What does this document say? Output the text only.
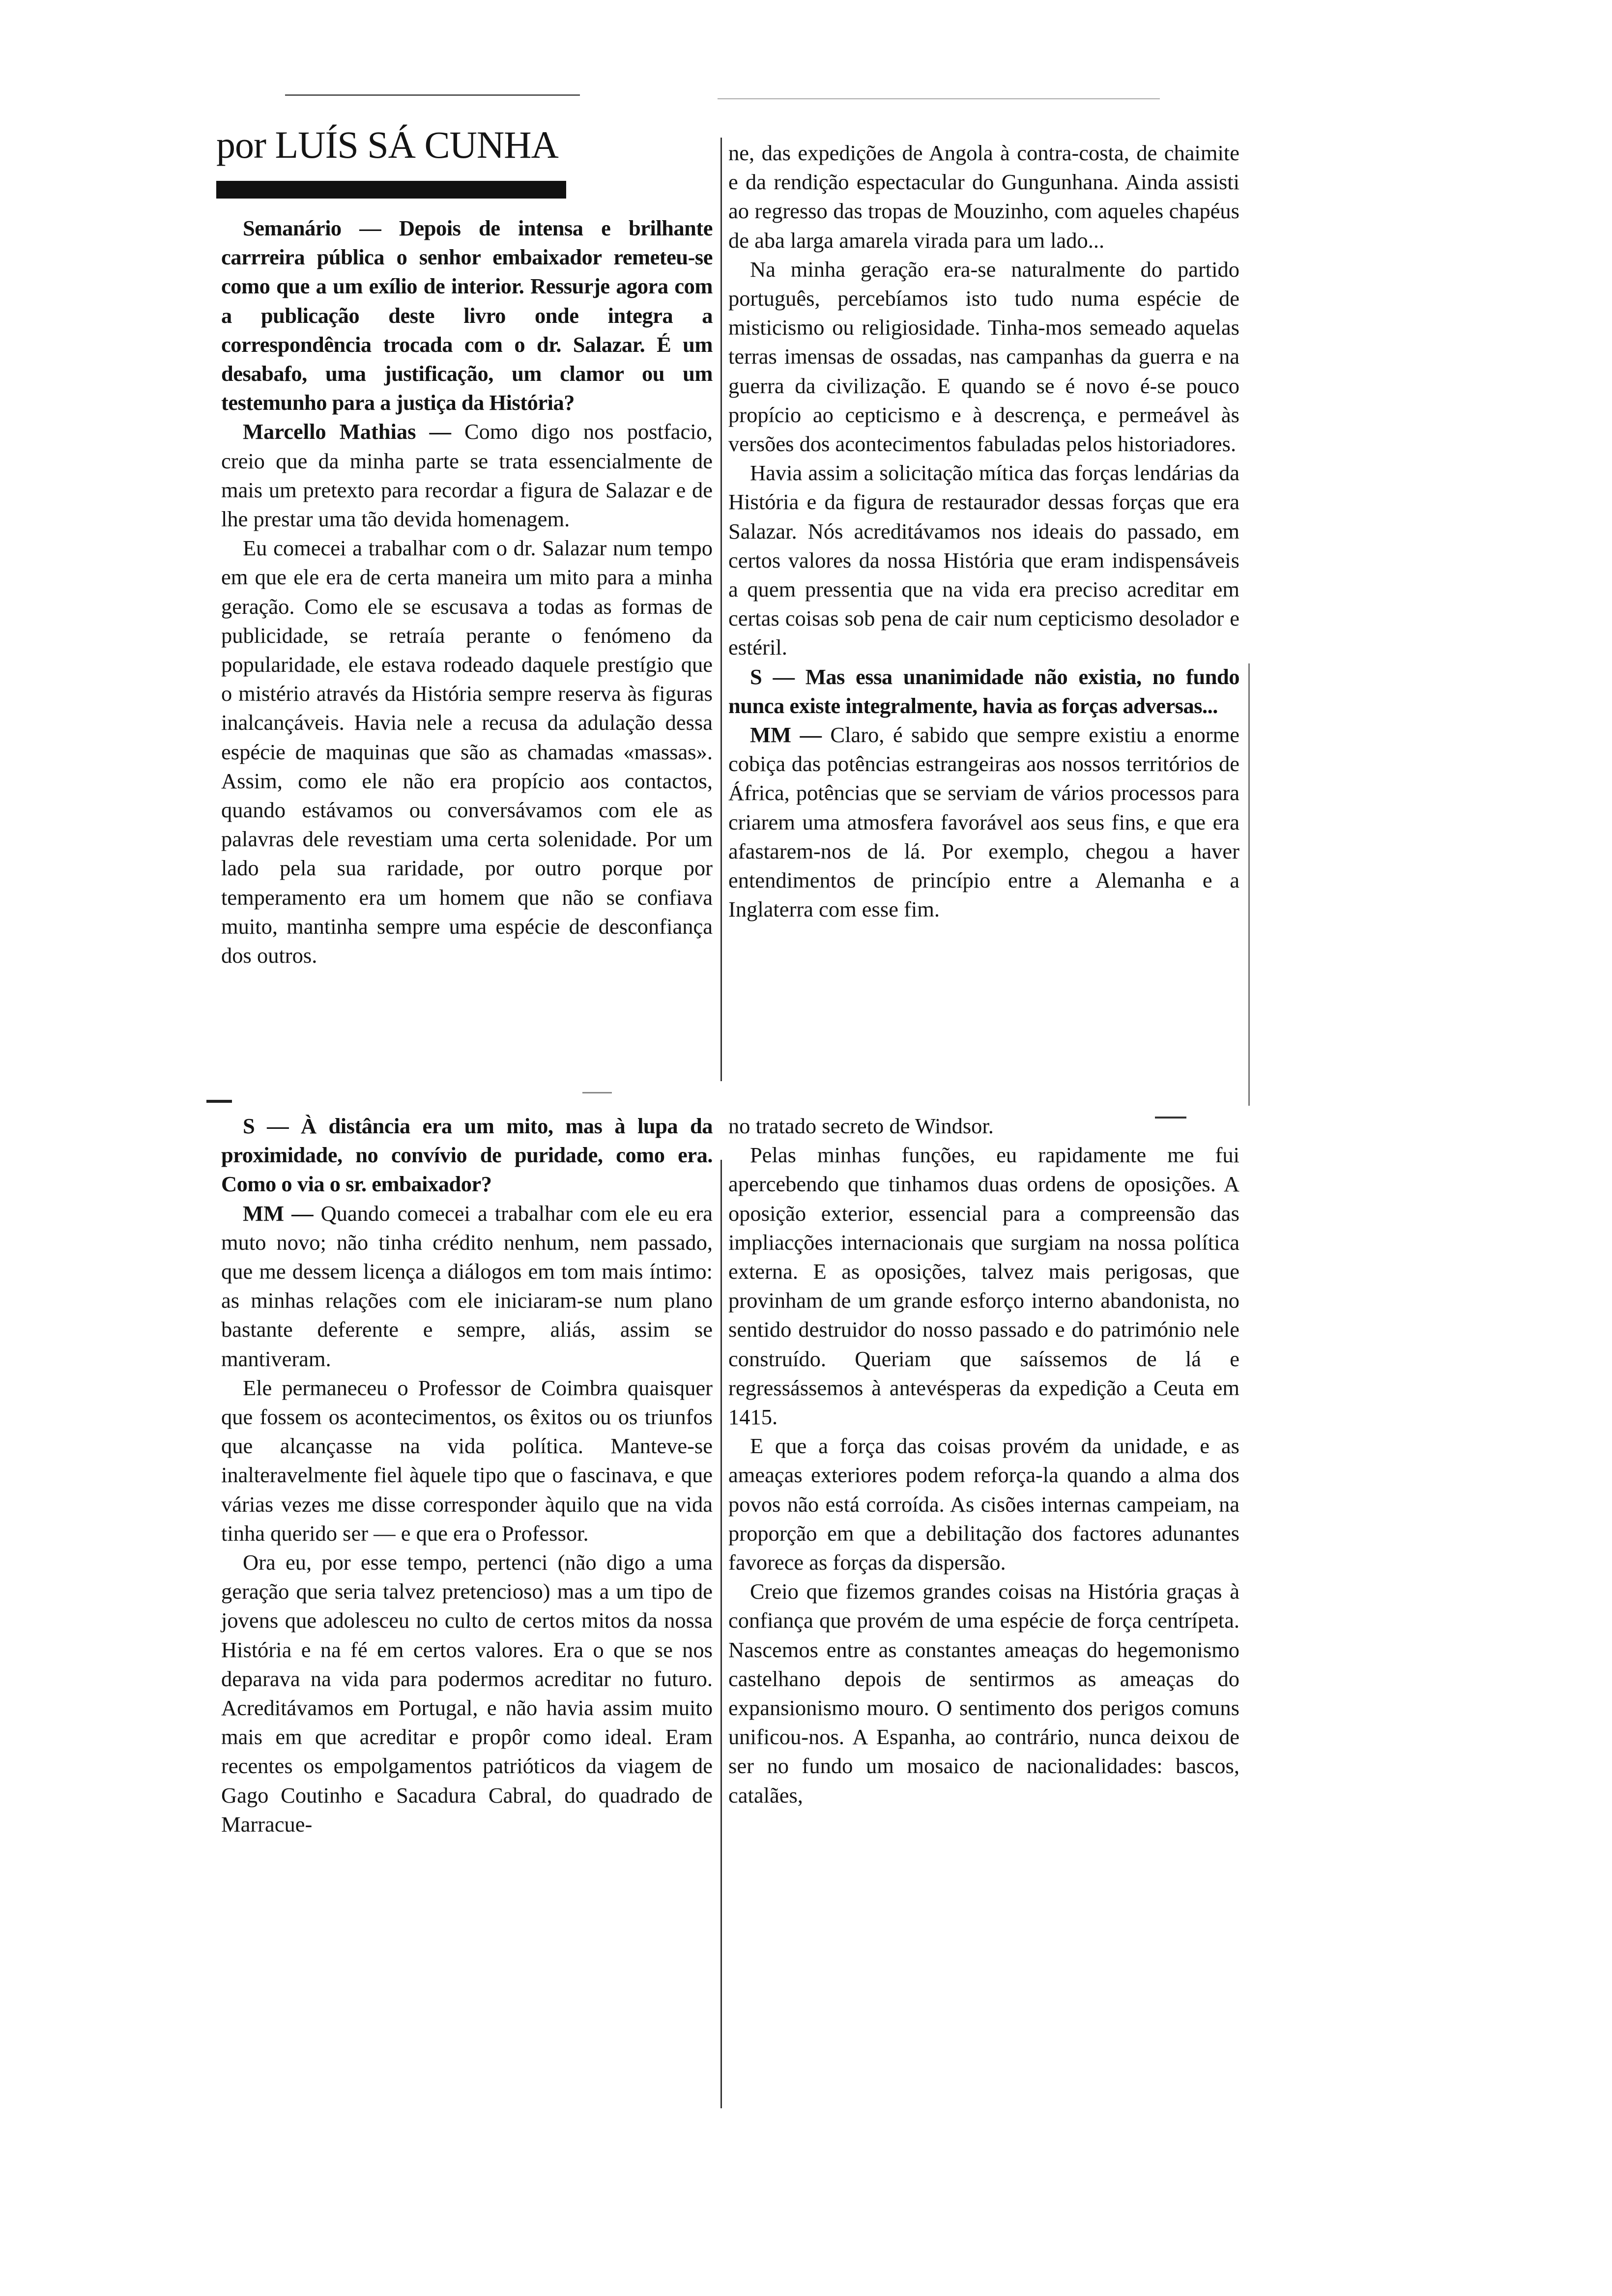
por LUÍS SÁ CUNHA

Semanário — Depois de intensa e brilhante carrreira pública o senhor embaixador remeteu-se como que a um exílio de interior. Ressurje agora com a publicação deste livro onde integra a correspondência trocada com o dr. Salazar. É um desabafo, uma justificação, um clamor ou um testemunho para a justiça da História?

Marcello Mathias — Como digo nos postfacio, creio que da minha parte se trata essencialmente de mais um pretexto para recordar a figura de Salazar e de lhe prestar uma tão devida homenagem.

Eu comecei a trabalhar com o dr. Salazar num tempo em que ele era de certa maneira um mito para a minha geração. Como ele se escusava a todas as formas de publicidade, se retraía perante o fenómeno da popularidade, ele estava rodeado daquele prestígio que o mistério através da História sempre reserva às figuras inalcançáveis. Havia nele a recusa da adulação dessa espécie de maquinas que são as chamadas «massas». Assim, como ele não era propício aos contactos, quando estávamos ou conversávamos com ele as palavras dele revestiam uma certa solenidade. Por um lado pela sua raridade, por outro porque por temperamento era um homem que não se confiava muito, mantinha sempre uma espécie de desconfiança dos outros.

ne, das expedições de Angola à contra-costa, de chaimite e da rendição espectacular do Gungunhana. Ainda assisti ao regresso das tropas de Mouzinho, com aqueles chapéus de aba larga amarela virada para um lado...

Na minha geração era-se naturalmente do partido português, percebíamos isto tudo numa espécie de misticismo ou religiosidade. Tinha-mos semeado aquelas terras imensas de ossadas, nas campanhas da guerra e na guerra da civilização. E quando se é novo é-se pouco propício ao cepticismo e à descrença, e permeável às versões dos acontecimentos fabuladas pelos historiadores.

Havia assim a solicitação mítica das forças lendárias da História e da figura de restaurador dessas forças que era Salazar. Nós acreditávamos nos ideais do passado, em certos valores da nossa História que eram indispensáveis a quem pressentia que na vida era preciso acreditar em certas coisas sob pena de cair num cepticismo desolador e estéril.

S — Mas essa unanimidade não existia, no fundo nunca existe integralmente, havia as forças adversas...

MM — Claro, é sabido que sempre existiu a enorme cobiça das potências estrangeiras aos nossos territórios de África, potências que se serviam de vários processos para criarem uma atmosfera favorável aos seus fins, e que era afastarem-nos de lá. Por exemplo, chegou a haver entendimentos de princípio entre a Alemanha e a Inglaterra com esse fim.

S — À distância era um mito, mas à lupa da proximidade, no convívio de puridade, como era. Como o via o sr. embaixador?

MM — Quando comecei a trabalhar com ele eu era muto novo; não tinha crédito nenhum, nem passado, que me dessem licença a diálogos em tom mais íntimo: as minhas relações com ele iniciaram-se num plano bastante deferente e sempre, aliás, assim se mantiveram.

Ele permaneceu o Professor de Coimbra quaisquer que fossem os acontecimentos, os êxitos ou os triunfos que alcançasse na vida política. Manteve-se inalteravelmente fiel àquele tipo que o fascinava, e que várias vezes me disse corresponder àquilo que na vida tinha querido ser — e que era o Professor.

Ora eu, por esse tempo, pertenci (não digo a uma geração que seria talvez pretencioso) mas a um tipo de jovens que adolesceu no culto de certos mitos da nossa História e na fé em certos valores. Era o que se nos deparava na vida para podermos acreditar no futuro. Acreditávamos em Portugal, e não havia assim muito mais em que acreditar e propôr como ideal. Eram recentes os empolgamentos patrióticos da viagem de Gago Coutinho e Sacadura Cabral, do quadrado de Marracue-

no tratado secreto de Windsor.

Pelas minhas funções, eu rapidamente me fui apercebendo que tinhamos duas ordens de oposições. A oposição exterior, essencial para a compreensão das impliacções internacionais que surgiam na nossa política externa. E as oposições, talvez mais perigosas, que provinham de um grande esforço interno abandonista, no sentido destruidor do nosso passado e do património nele construído. Queriam que saíssemos de lá e regressássemos à antevésperas da expedição a Ceuta em 1415.

E que a força das coisas provém da unidade, e as ameaças exteriores podem reforça-la quando a alma dos povos não está corroída. As cisões internas campeiam, na proporção em que a debilitação dos factores adunantes favorece as forças da dispersão.

Creio que fizemos grandes coisas na História graças à confiança que provém de uma espécie de força centrípeta. Nascemos entre as constantes ameaças do hegemonismo castelhano depois de sentirmos as ameaças do expansionismo mouro. O sentimento dos perigos comuns unificou-nos. A Espanha, ao contrário, nunca deixou de ser no fundo um mosaico de nacionalidades: bascos, catalães,
